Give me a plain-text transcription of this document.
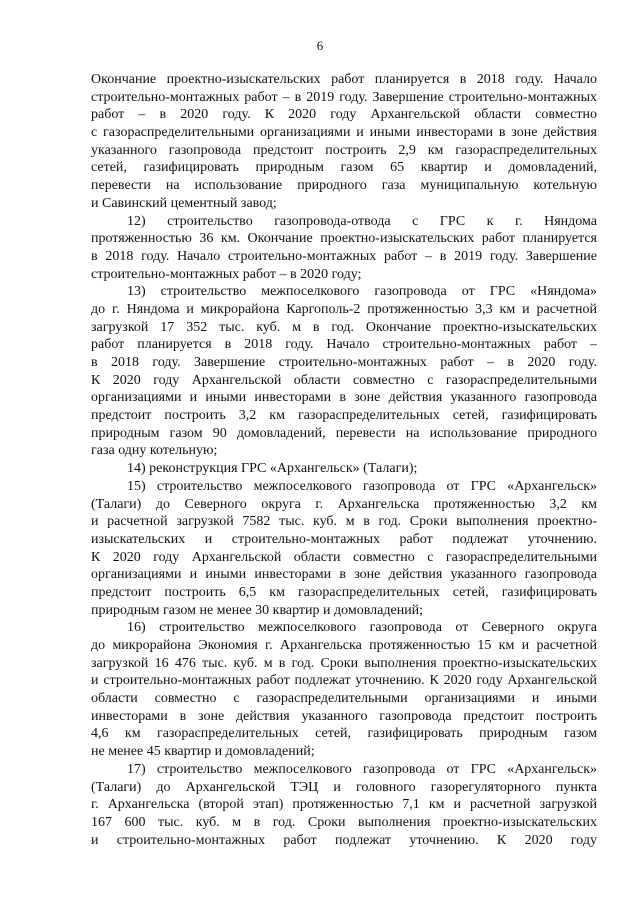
6
Окончание проектно-изыскательских работ планируется в 2018 году. Начало
строительно-монтажных работ – в 2019 году. Завершение строительно-монтажных
работ – в 2020 году. К 2020 году Архангельской области совместно
с газораспределительными организациями и иными инвесторами в зоне действия
указанного газопровода предстоит построить 2,9 км газораспределительных
сетей, газифицировать природным газом 65 квартир и домовладений,
перевести на использование природного газа муниципальную котельную
и Савинский цементный завод;
12) строительство газопровода-отвода с ГРС к г. Няндома
протяженностью 36 км. Окончание проектно-изыскательских работ планируется
в 2018 году. Начало строительно-монтажных работ – в 2019 году. Завершение
строительно-монтажных работ – в 2020 году;
13) строительство межпоселкового газопровода от ГРС «Няндома»
до г. Няндома и микрорайона Каргополь-2 протяженностью 3,3 км и расчетной
загрузкой 17 352 тыс. куб. м в год. Окончание проектно-изыскательских
работ планируется в 2018 году. Начало строительно-монтажных работ –
в 2018 году. Завершение строительно-монтажных работ – в 2020 году.
К 2020 году Архангельской области совместно с газораспределительными
организациями и иными инвесторами в зоне действия указанного газопровода
предстоит построить 3,2 км газораспределительных сетей, газифицировать
природным газом 90 домовладений, перевести на использование природного
газа одну котельную;
14) реконструкция ГРС «Архангельск» (Талаги);
15) строительство межпоселкового газопровода от ГРС «Архангельск»
(Талаги) до Северного округа г. Архангельска протяженностью 3,2 км
и расчетной загрузкой 7582 тыс. куб. м в год. Сроки выполнения проектно-
изыскательских и строительно-монтажных работ подлежат уточнению.
К 2020 году Архангельской области совместно с газораспределительными
организациями и иными инвесторами в зоне действия указанного газопровода
предстоит построить 6,5 км газораспределительных сетей, газифицировать
природным газом не менее 30 квартир и домовладений;
16) строительство межпоселкового газопровода от Северного округа
до микрорайона Экономия г. Архангельска протяженностью 15 км и расчетной
загрузкой 16 476 тыс. куб. м в год. Сроки выполнения проектно-изыскательских
и строительно-монтажных работ подлежат уточнению. К 2020 году Архангельской
области совместно с газораспределительными организациями и иными
инвесторами в зоне действия указанного газопровода предстоит построить
4,6 км газораспределительных сетей, газифицировать природным газом
не менее 45 квартир и домовладений;
17) строительство межпоселкового газопровода от ГРС «Архангельск»
(Талаги) до Архангельской ТЭЦ и головного газорегуляторного пункта
г. Архангельска (второй этап) протяженностью 7,1 км и расчетной загрузкой
167 600 тыс. куб. м в год. Сроки выполнения проектно-изыскательских
и строительно-монтажных работ подлежат уточнению. К 2020 году
